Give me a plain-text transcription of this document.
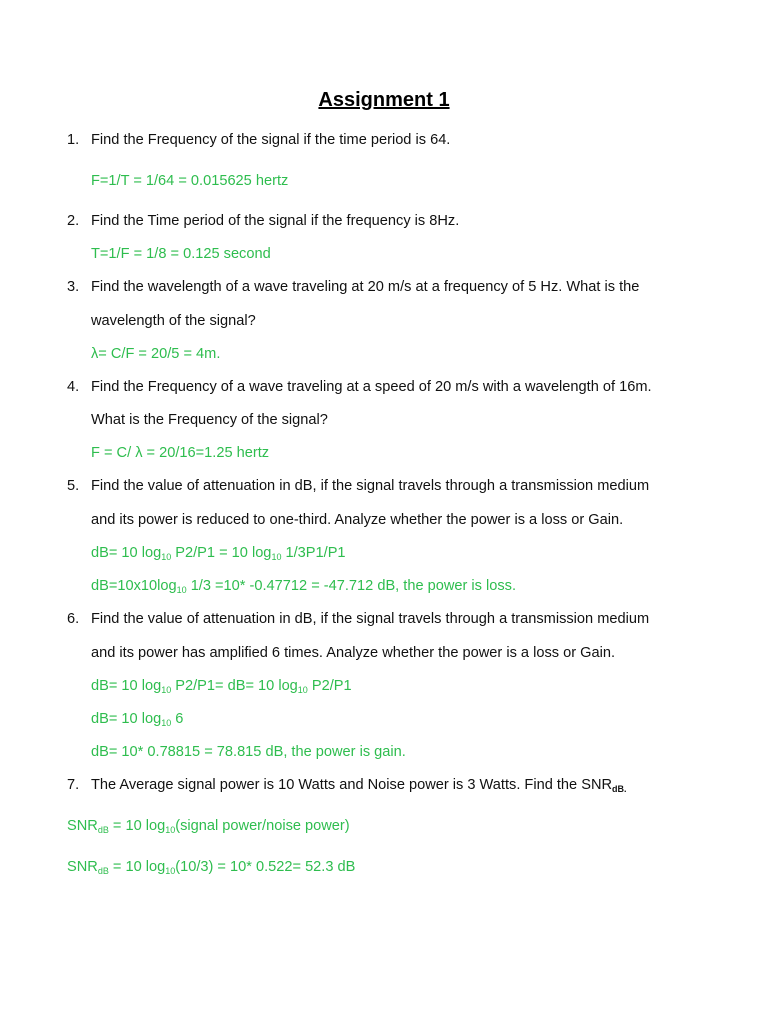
Assignment 1
1. Find the Frequency of the signal if the time period is 64.
F=1/T = 1/64 = 0.015625 hertz
2. Find the Time period of the signal if the frequency is 8Hz.
T=1/F = 1/8 = 0.125 second
3. Find the wavelength of a wave traveling at 20 m/s at a frequency of 5 Hz. What is the
wavelength of the signal?
λ= C/F = 20/5 = 4m.
4. Find the Frequency of a wave traveling at a speed of 20 m/s with a wavelength of 16m.
What is the Frequency of the signal?
F = C/ λ = 20/16=1.25 hertz
5. Find the value of attenuation in dB, if the signal travels through a transmission medium
and its power is reduced to one-third. Analyze whether the power is a loss or Gain.
dB= 10 $\log_{10} P2/P1 = 10$ $\log_{10} 1/3P1/P1$
$dB=10x10\log_{10}$ 1/3 =10* -0.47712 = -47.712 dB, the power is loss.
6. Find the value of attenuation in dB, if the signal travels through a transmission medium
and its power has amplified 6 times. Analyze whether the power is a loss or Gain.
dB= 10 $\log_{10} P2/P1= dB= 10$ $\log_{10} P2/P1$
dB= 10 $\log_{10} 6$
dB= 10* 0.78815 = 78.815 dB, the power is gain.
7. The Average signal power is 10 Watts and Noise power is 3 Watts. Find the $SNR_{dB.}$
$SNR_{dB} = 10$ $\log_{10}(signal$ power/noise power)
$SNR_{dB} = 10$ $\log_{10}(10/3) = 10*$ 0.522= 52.3 dB
